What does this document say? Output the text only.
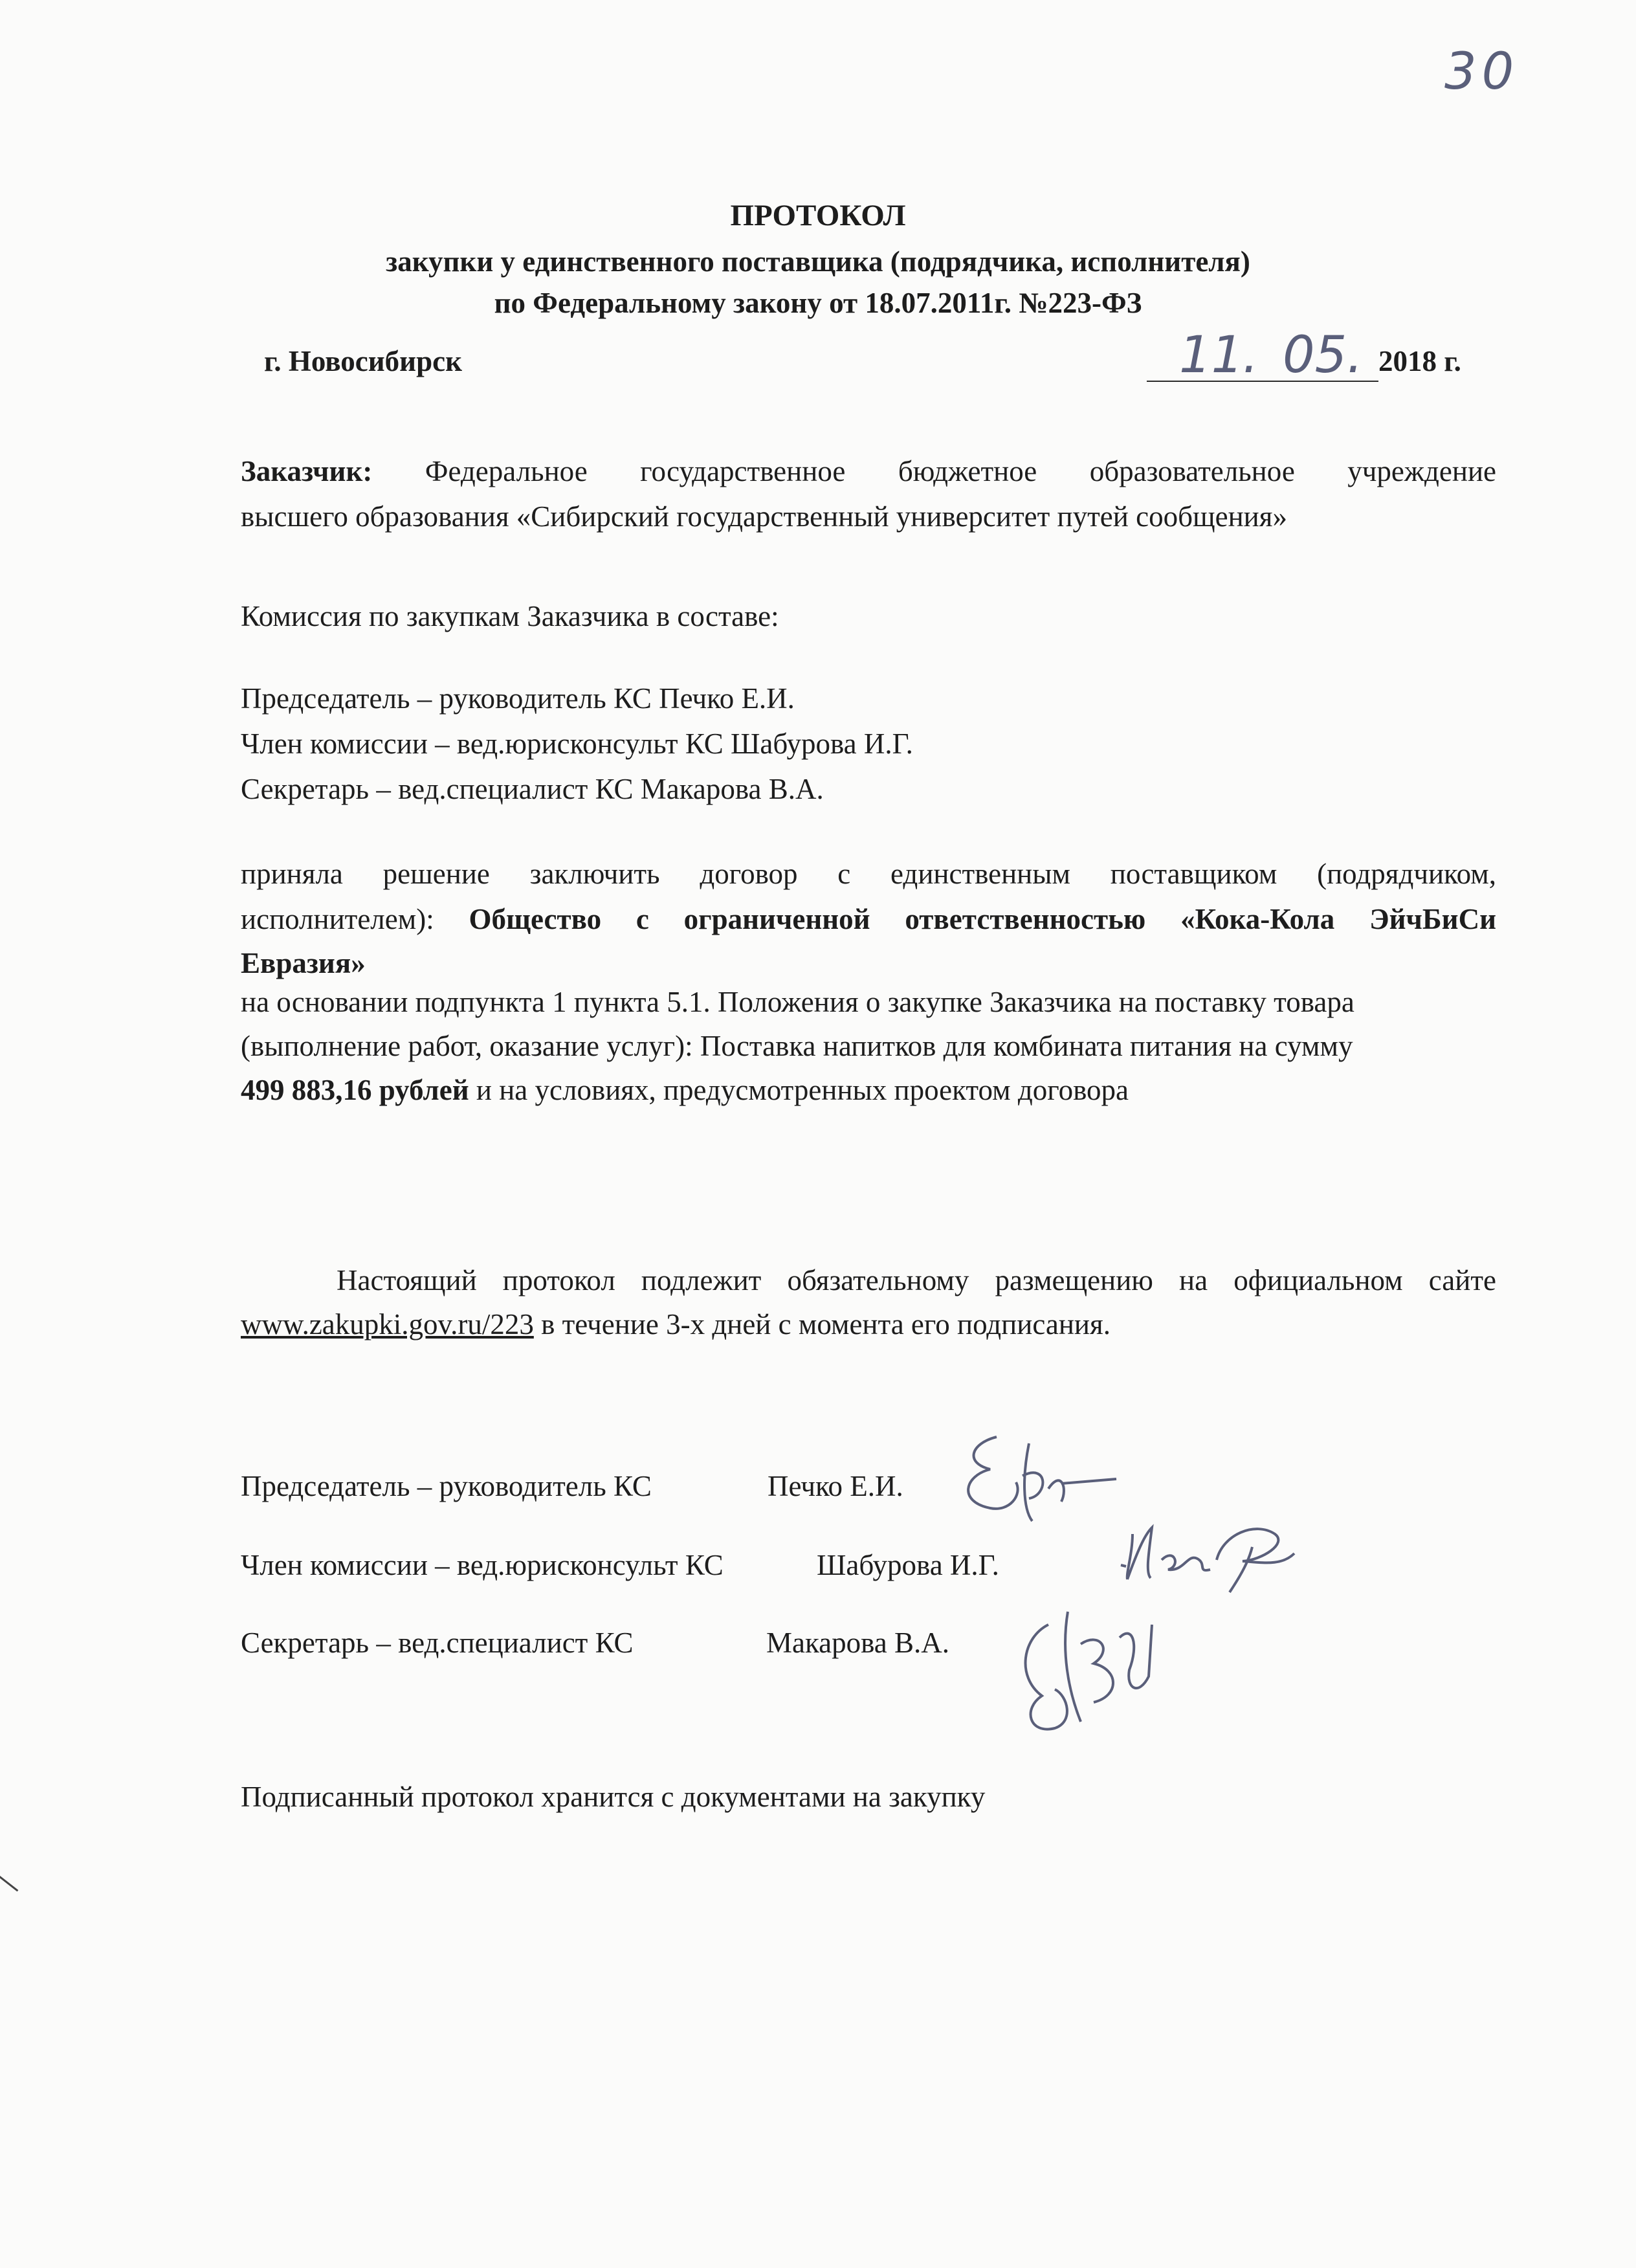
30
ПРОТОКОЛ
закупки у единственного поставщика (подрядчика, исполнителя)
по Федеральному закону от 18.07.2011г. №223-ФЗ
г. Новосибирск	11
. 05. 2018 г.
Заказчик: Федеральное государственное бюджетное образовательное учреждение
высшего образования «Сибирский государственный университет путей сообщения»
Комиссия по закупкам Заказчика в составе:
Председатель – руководитель КС Печко Е.И.
Член комиссии – вед.юрисконсульт КС Шабурова И.Г.
Секретарь – вед.специалист КС Макарова В.А.
приняла решение заключить договор с единственным поставщиком (подрядчиком,
исполнителем): Общество с ограниченной ответственностью «Кока-Кола ЭйчБиСи
Евразия»
на основании подпункта 1 пункта 5.1. Положения о закупке Заказчика на поставку товара
(выполнение работ, оказание услуг): Поставка напитков для комбината питания на сумму
499 883,16 рублей и на условиях, предусмотренных проектом договора
Настоящий протокол подлежит обязательному размещению на официальном сайте
www.zakupki.gov.ru/223 в течение 3-х дней с момента его подписания.
Председатель – руководитель КС	Печко Е.И.
Член комиссии – вед.юрисконсульт КС	Шабурова И.Г.
Секретарь – вед.специалист КС	Макарова В.А.
Подписанный протокол хранится с документами на закупку
